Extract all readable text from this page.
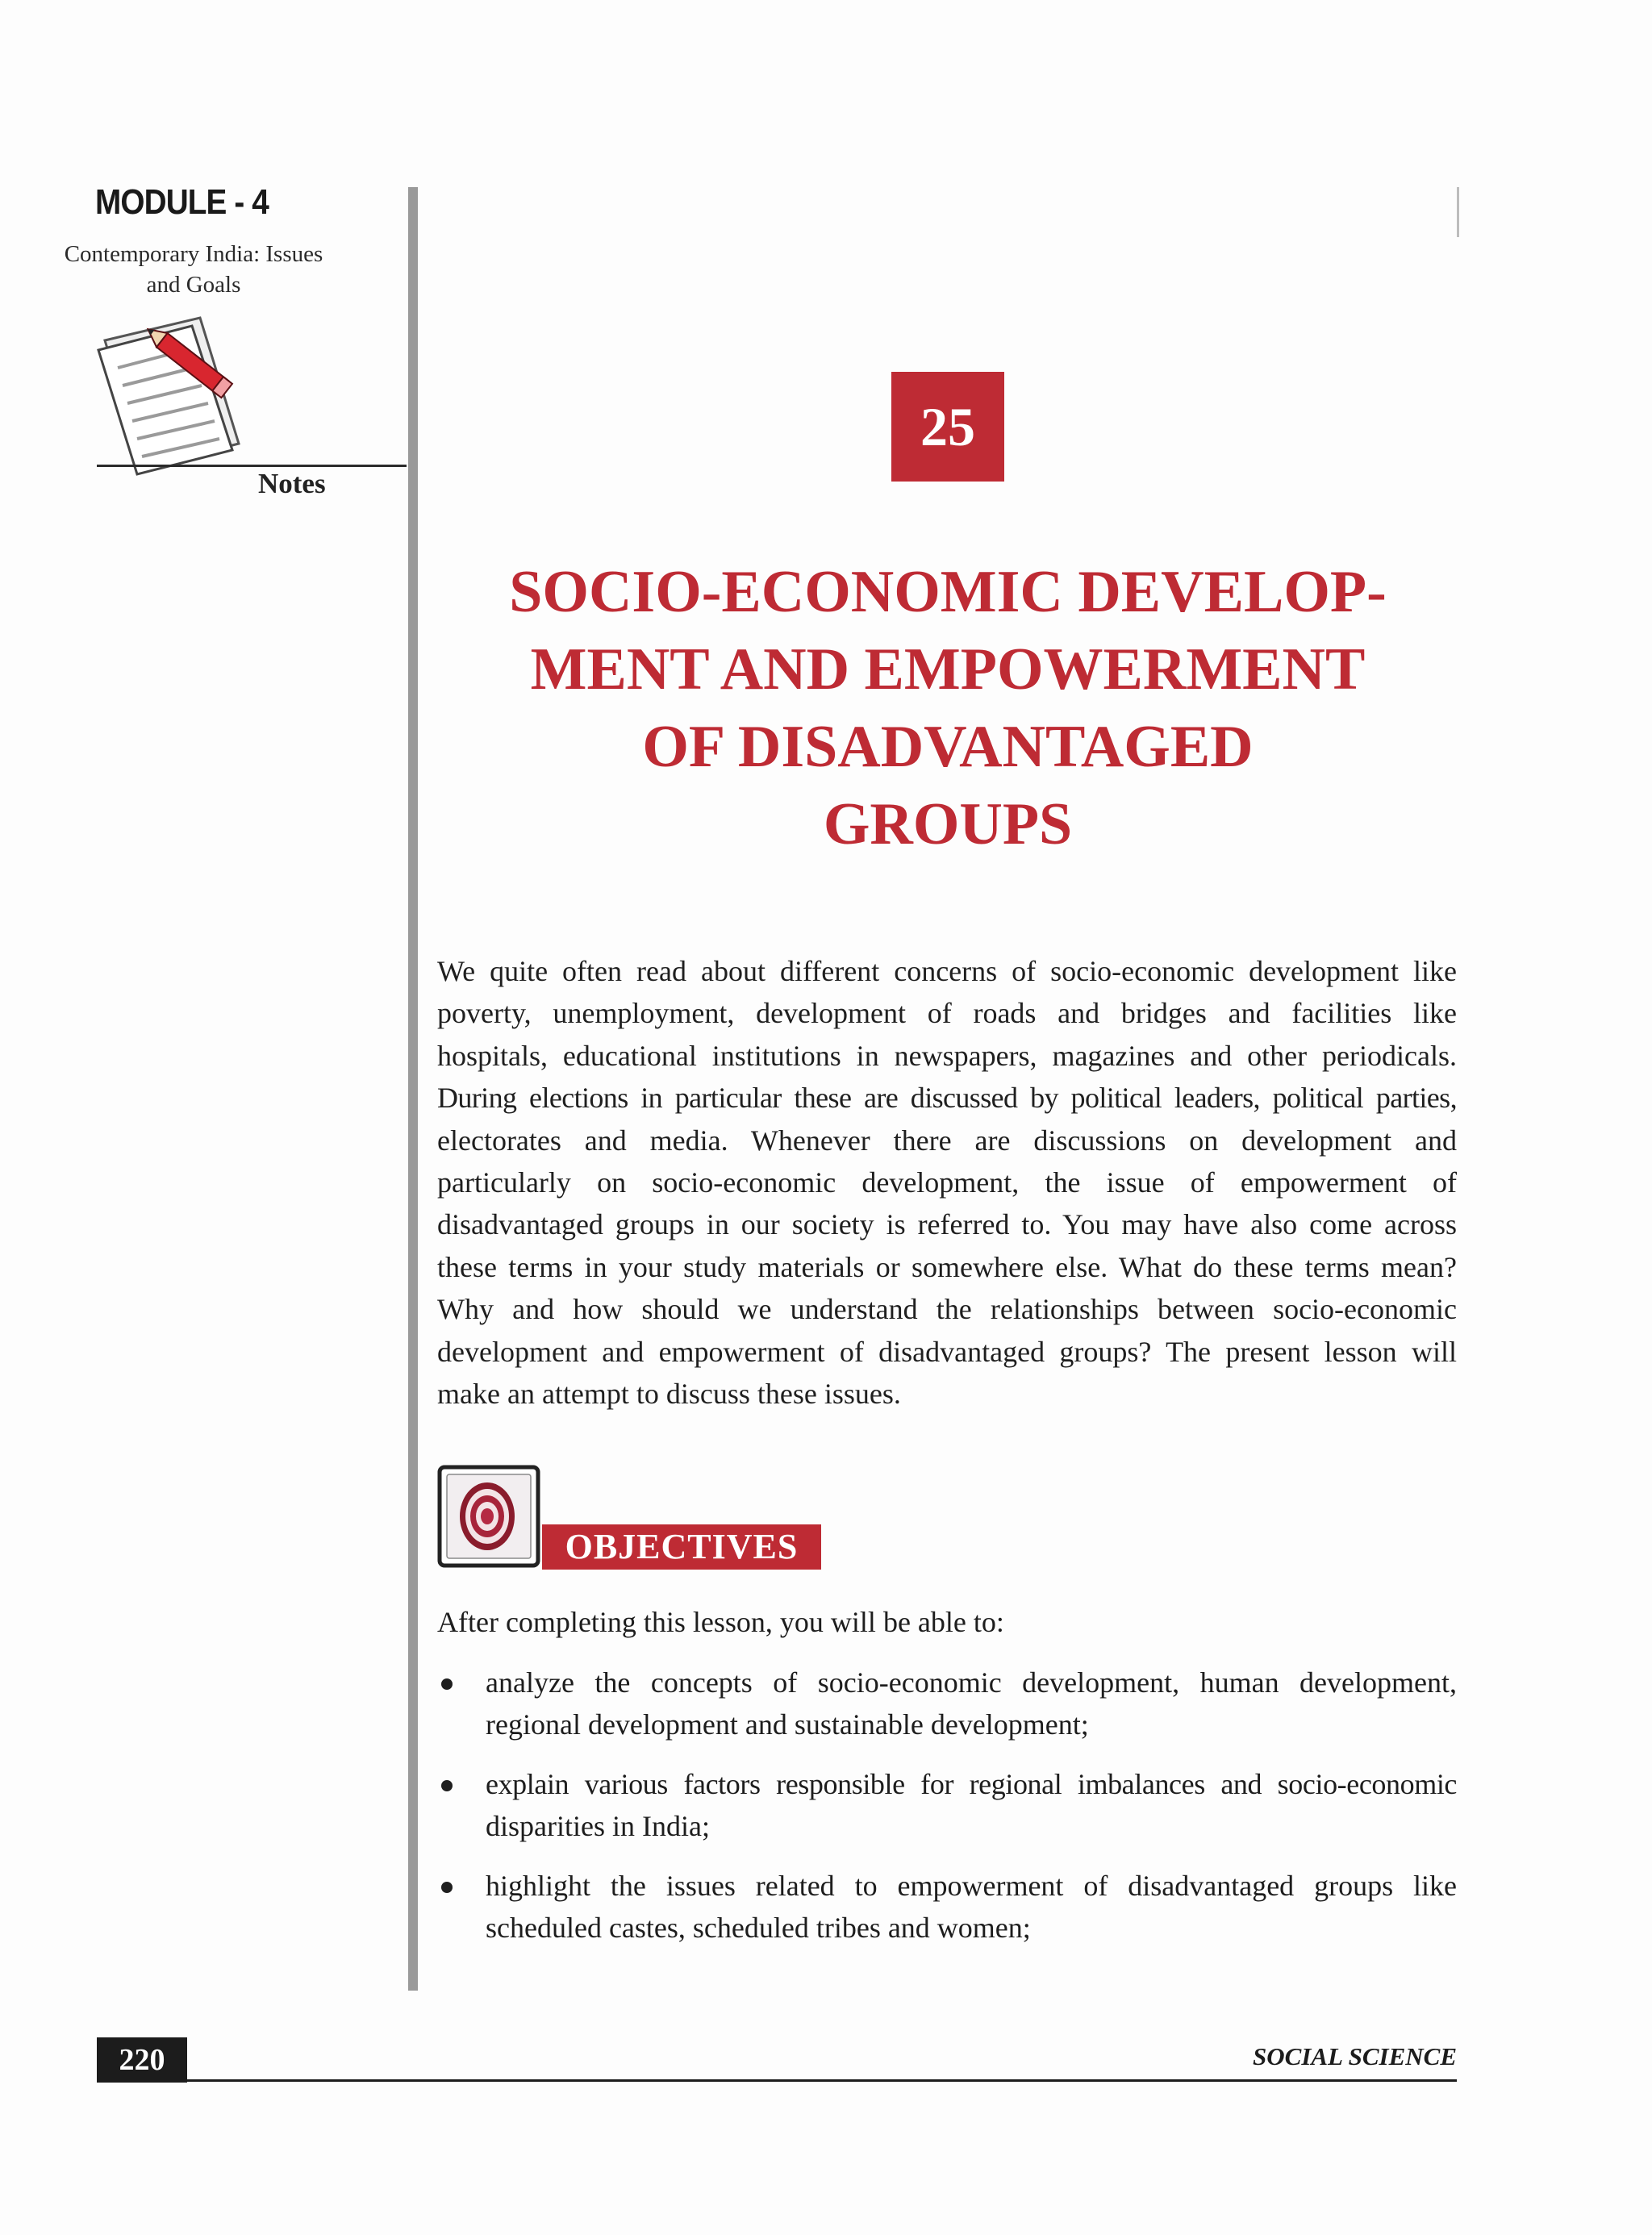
MODULE - 4
Contemporary India: Issues
and Goals
Notes
25
SOCIO-ECONOMIC DEVELOP-
MENT AND EMPOWERMENT
OF DISADVANTAGED
GROUPS
We quite often read about different concerns of socio-economic development like
poverty, unemployment, development of roads and bridges and facilities like
hospitals, educational institutions in newspapers, magazines and other periodicals.
During elections in particular these are discussed by political leaders, political parties,
electorates and media. Whenever there are discussions on development and
particularly on socio-economic development, the issue of empowerment of
disadvantaged groups in our society is referred to. You may have also come across
these terms in your study materials or somewhere else. What do these terms mean?
Why and how should we understand the relationships between socio-economic
development and empowerment of disadvantaged groups? The present lesson will
make an attempt to discuss these issues.
OBJECTIVES
After completing this lesson, you will be able to:
analyze the concepts of socio-economic development, human development,
regional development and sustainable development;
explain various factors responsible for regional imbalances and socio-economic
disparities in India;
highlight the issues related to empowerment of disadvantaged groups like
scheduled castes, scheduled tribes and women;
220	SOCIAL SCIENCE
